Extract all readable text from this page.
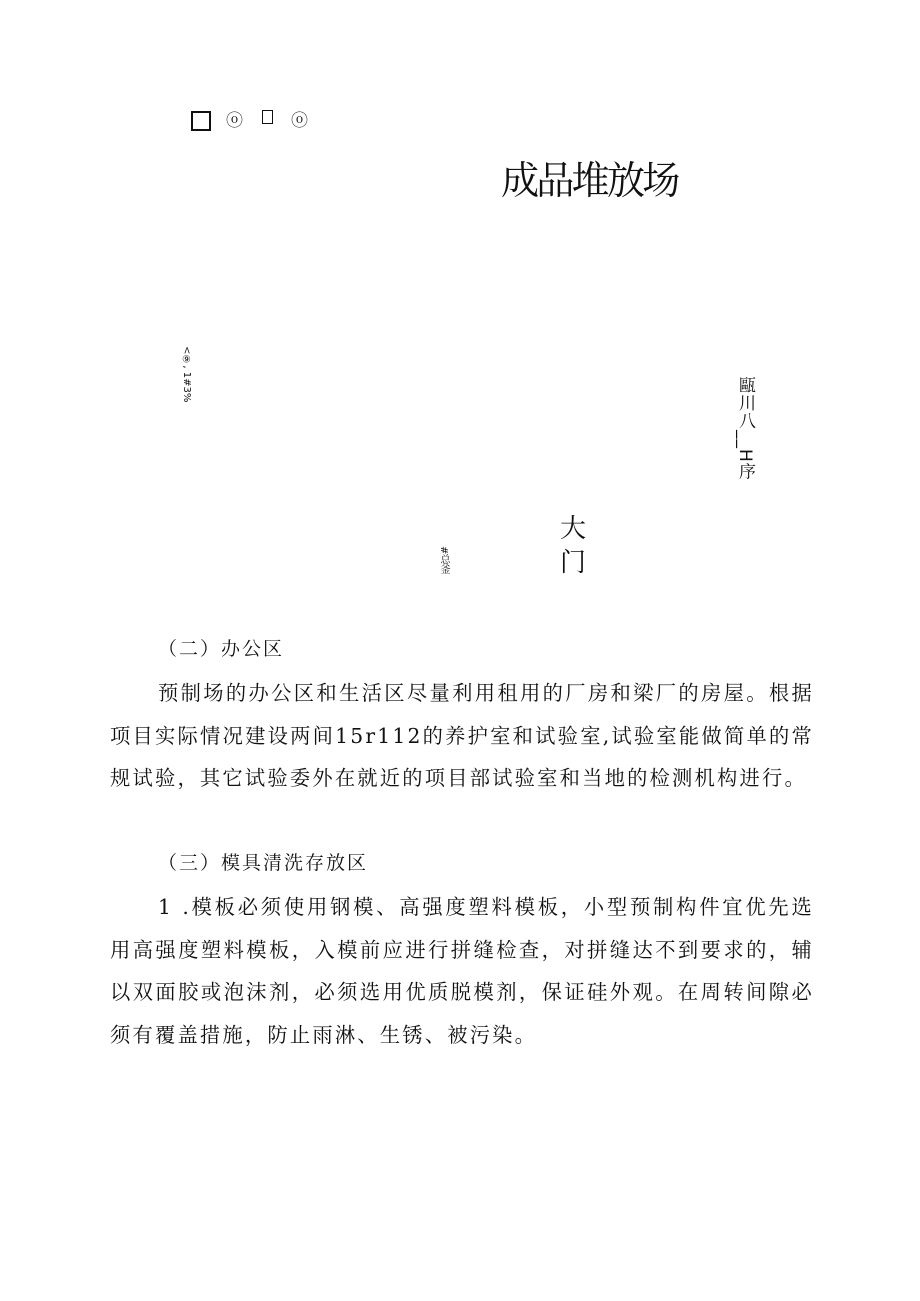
ⓞ	ⓞ
成品堆放场
<⑨, 1#3%
甌川八__H序
#总釜
大门
（二）办公区

预制场的办公区和生活区尽量利用租用的厂房和梁厂的房屋。根据项目实际情况建设两间15r112的养护室和试验室,试验室能做简单的常规试验，其它试验委外在就近的项目部试验室和当地的检测机构进行。

（三）模具清洗存放区

1 .模板必须使用钢模、高强度塑料模板，小型预制构件宜优先选用高强度塑料模板，入模前应进行拼缝检查，对拼缝达不到要求的，辅以双面胶或泡沫剂，必须选用优质脱模剂，保证硅外观。在周转间隙必须有覆盖措施，防止雨淋、生锈、被污染。
